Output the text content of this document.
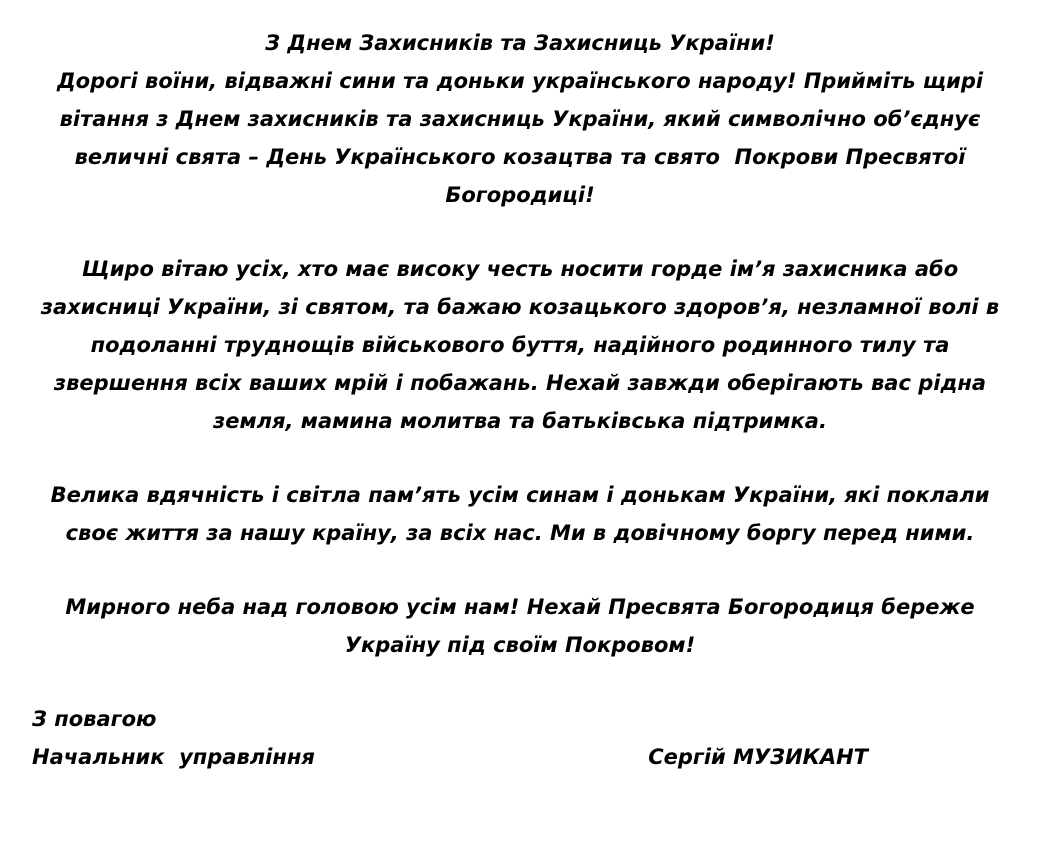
З Днем Захисників та Захисниць України!

Дорогі воїни, відважні сини та доньки українського народу! Прийміть щирі вітання з Днем захисників та захисниць України, який символічно об’єднує величні свята – День Українського козацтва та свято  Покрови Пресвятої Богородиці!

Щиро вітаю усіх, хто має високу честь носити горде ім’я захисника або захисниці України, зі святом, та бажаю козацького здоров’я, незламної волі в подоланні труднощів військового буття, надійного родинного тилу та звершення всіх ваших мрій і побажань. Нехай завжди оберігають вас рідна земля, мамина молитва та батьківська підтримка.

Велика вдячність і світла пам’ять усім синам і донькам України, які поклали своє життя за нашу країну, за всіх нас. Ми в довічному боргу перед ними.

Мирного неба над головою усім нам! Нехай Пресвята Богородиця береже Україну під своїм Покровом!

З повагою
Начальник  управління	Сергій МУЗИКАНТ
